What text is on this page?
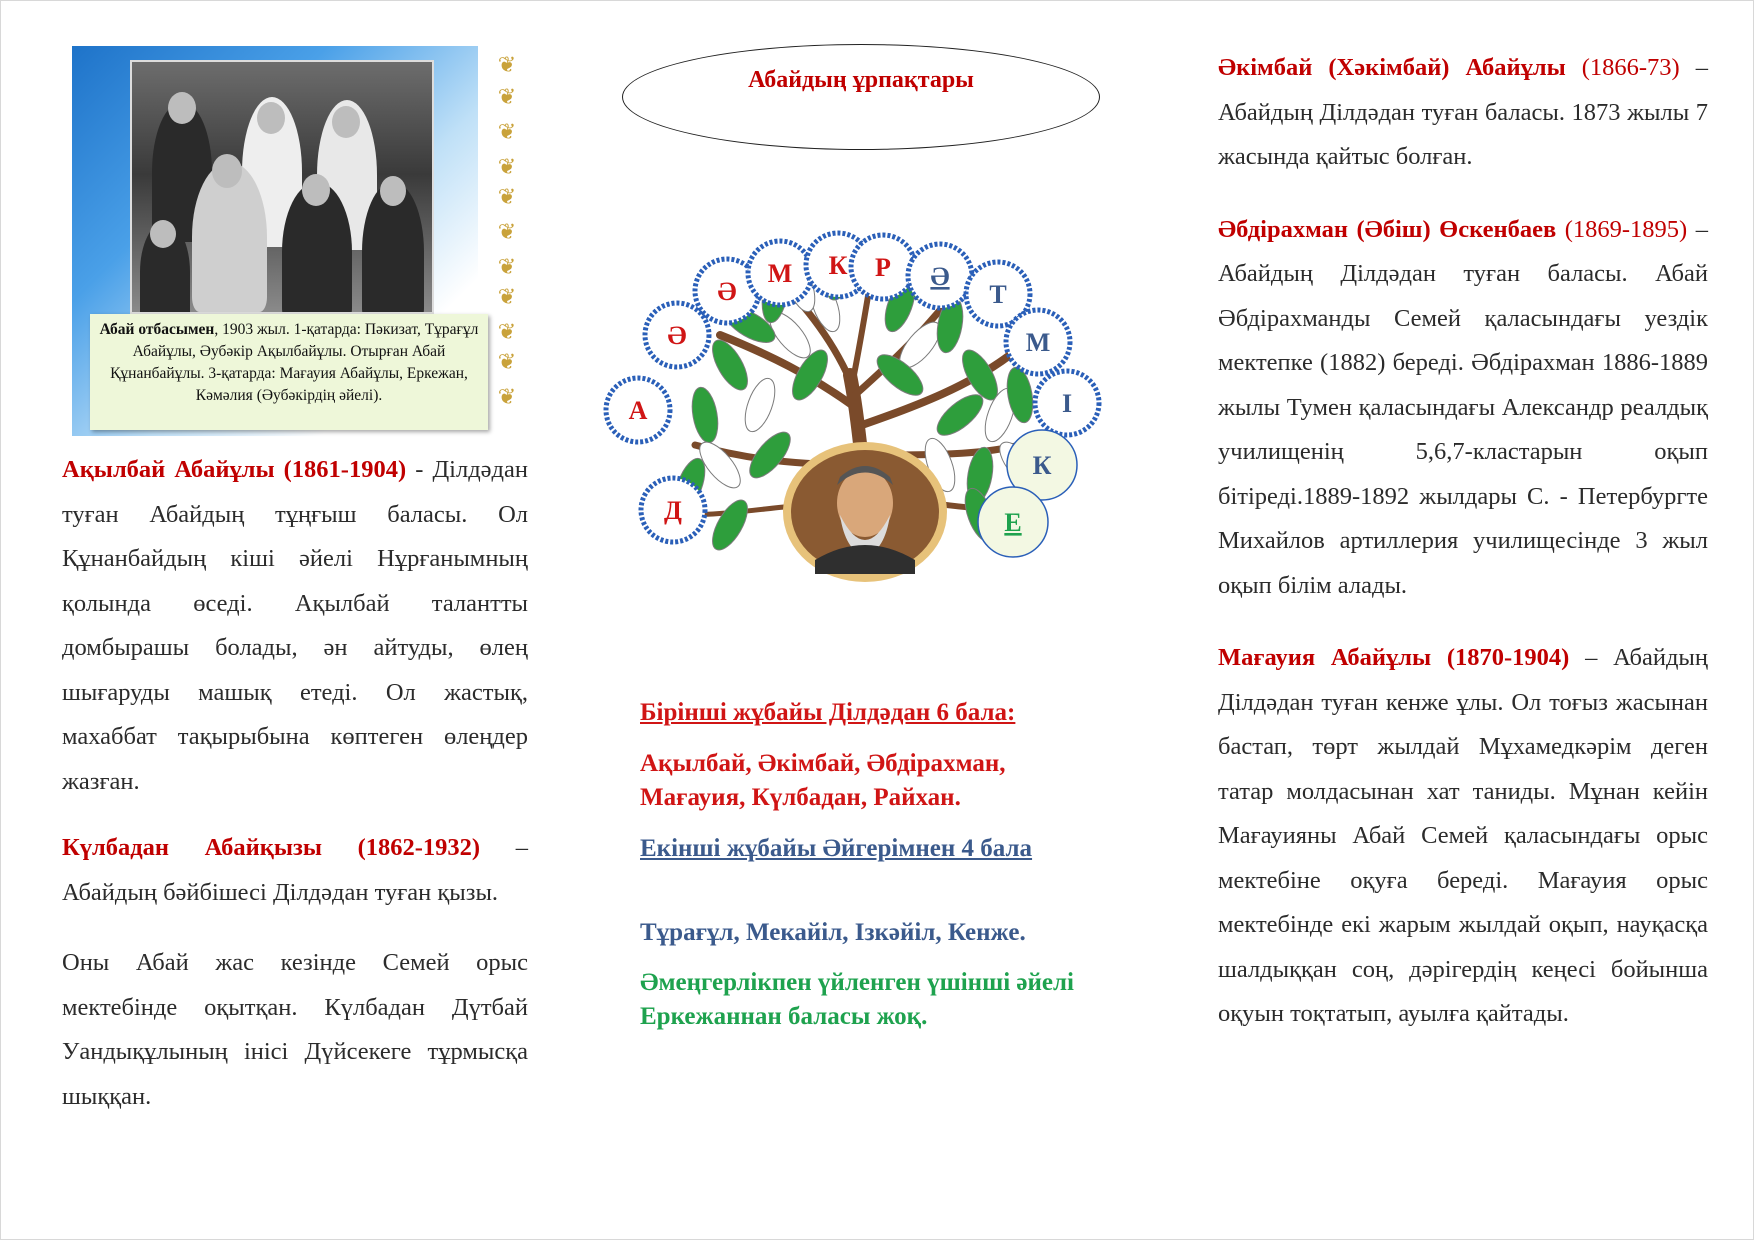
❦
❦
❦
❦
❦
❦
❦
❦
❦
❦
❦
Абай отбасымен, 1903 жыл. 1-қатарда: Пәкизат, Тұрағұл Абайұлы, Әубәкір Ақылбайұлы. Отырған Абай Құнанбайұлы. 3-қатарда: Мағауия Абайұлы, Еркежан, Кәмәлия (Әубәкірдің әйелі).

Ақылбай Абайұлы (1861-1904) - Ділдәдан туған Абайдың тұңғыш баласы. Ол Құнанбайдың кіші әйелі Нұрғанымның қолында өседі. Ақылбай талантты домбырашы болады, ән айтуды, өлең шығаруды машық етеді. Ол жастық, махаббат тақырыбына көптеген өлеңдер жазған.

Күлбадан Абайқызы (1862-1932) – Абайдың бәйбішесі Ділдәдан туған қызы.

Оны Абай жас кезінде Семей орыс мектебінде оқытқан. Күлбадан Дүтбай Уандықұлының інісі Дүйсекеге тұрмысқа шыққан.

Абайдың ұрпақтары
А
Ә
Ә
М К Р Ә
Т
М
І
К
Е
Д
Бірінші жұбайы Ділдәдан 6 бала:
Ақылбай, Әкімбай, Әбдірахман, Мағауия, Күлбадан, Райхан.
Екінші жұбайы Әйгерімнен 4 бала
Тұрағұл, Мекайіл, Ізкәйіл, Кенже.
Әмеңгерлікпен үйленген үшінші әйелі Еркежаннан баласы жоқ.

Әкімбай (Хәкімбай) Абайұлы (1866-73) – Абайдың Ділдәдан туған баласы. 1873 жылы 7 жасында қайтыс болған.

Әбдірахман (Әбіш) Өскенбаев (1869-1895) – Абайдың Ділдәдан туған баласы. Абай Әбдірахманды Семей қаласындағы уездік мектепке (1882) береді. Әбдірахман 1886-1889 жылы Тумен қаласындағы Александр реалдық училищенің 5,6,7-кластарын оқып бітіреді.1889-1892 жылдары С. - Петербургте Михайлов артиллерия училищесінде 3 жыл оқып білім алады.

Мағауия Абайұлы (1870-1904) – Абайдың Ділдәдан туған кенже ұлы. Ол тоғыз жасынан бастап, төрт жылдай Мұхамедкәрім деген татар молдасынан хат таниды. Мұнан кейін Мағауияны Абай Семей қаласындағы орыс мектебіне оқуға береді. Мағауия орыс мектебінде екі жарым жылдай оқып, науқасқа шалдыққан соң, дәрігердің кеңесі бойынша оқуын тоқтатып, ауылға қайтады.
